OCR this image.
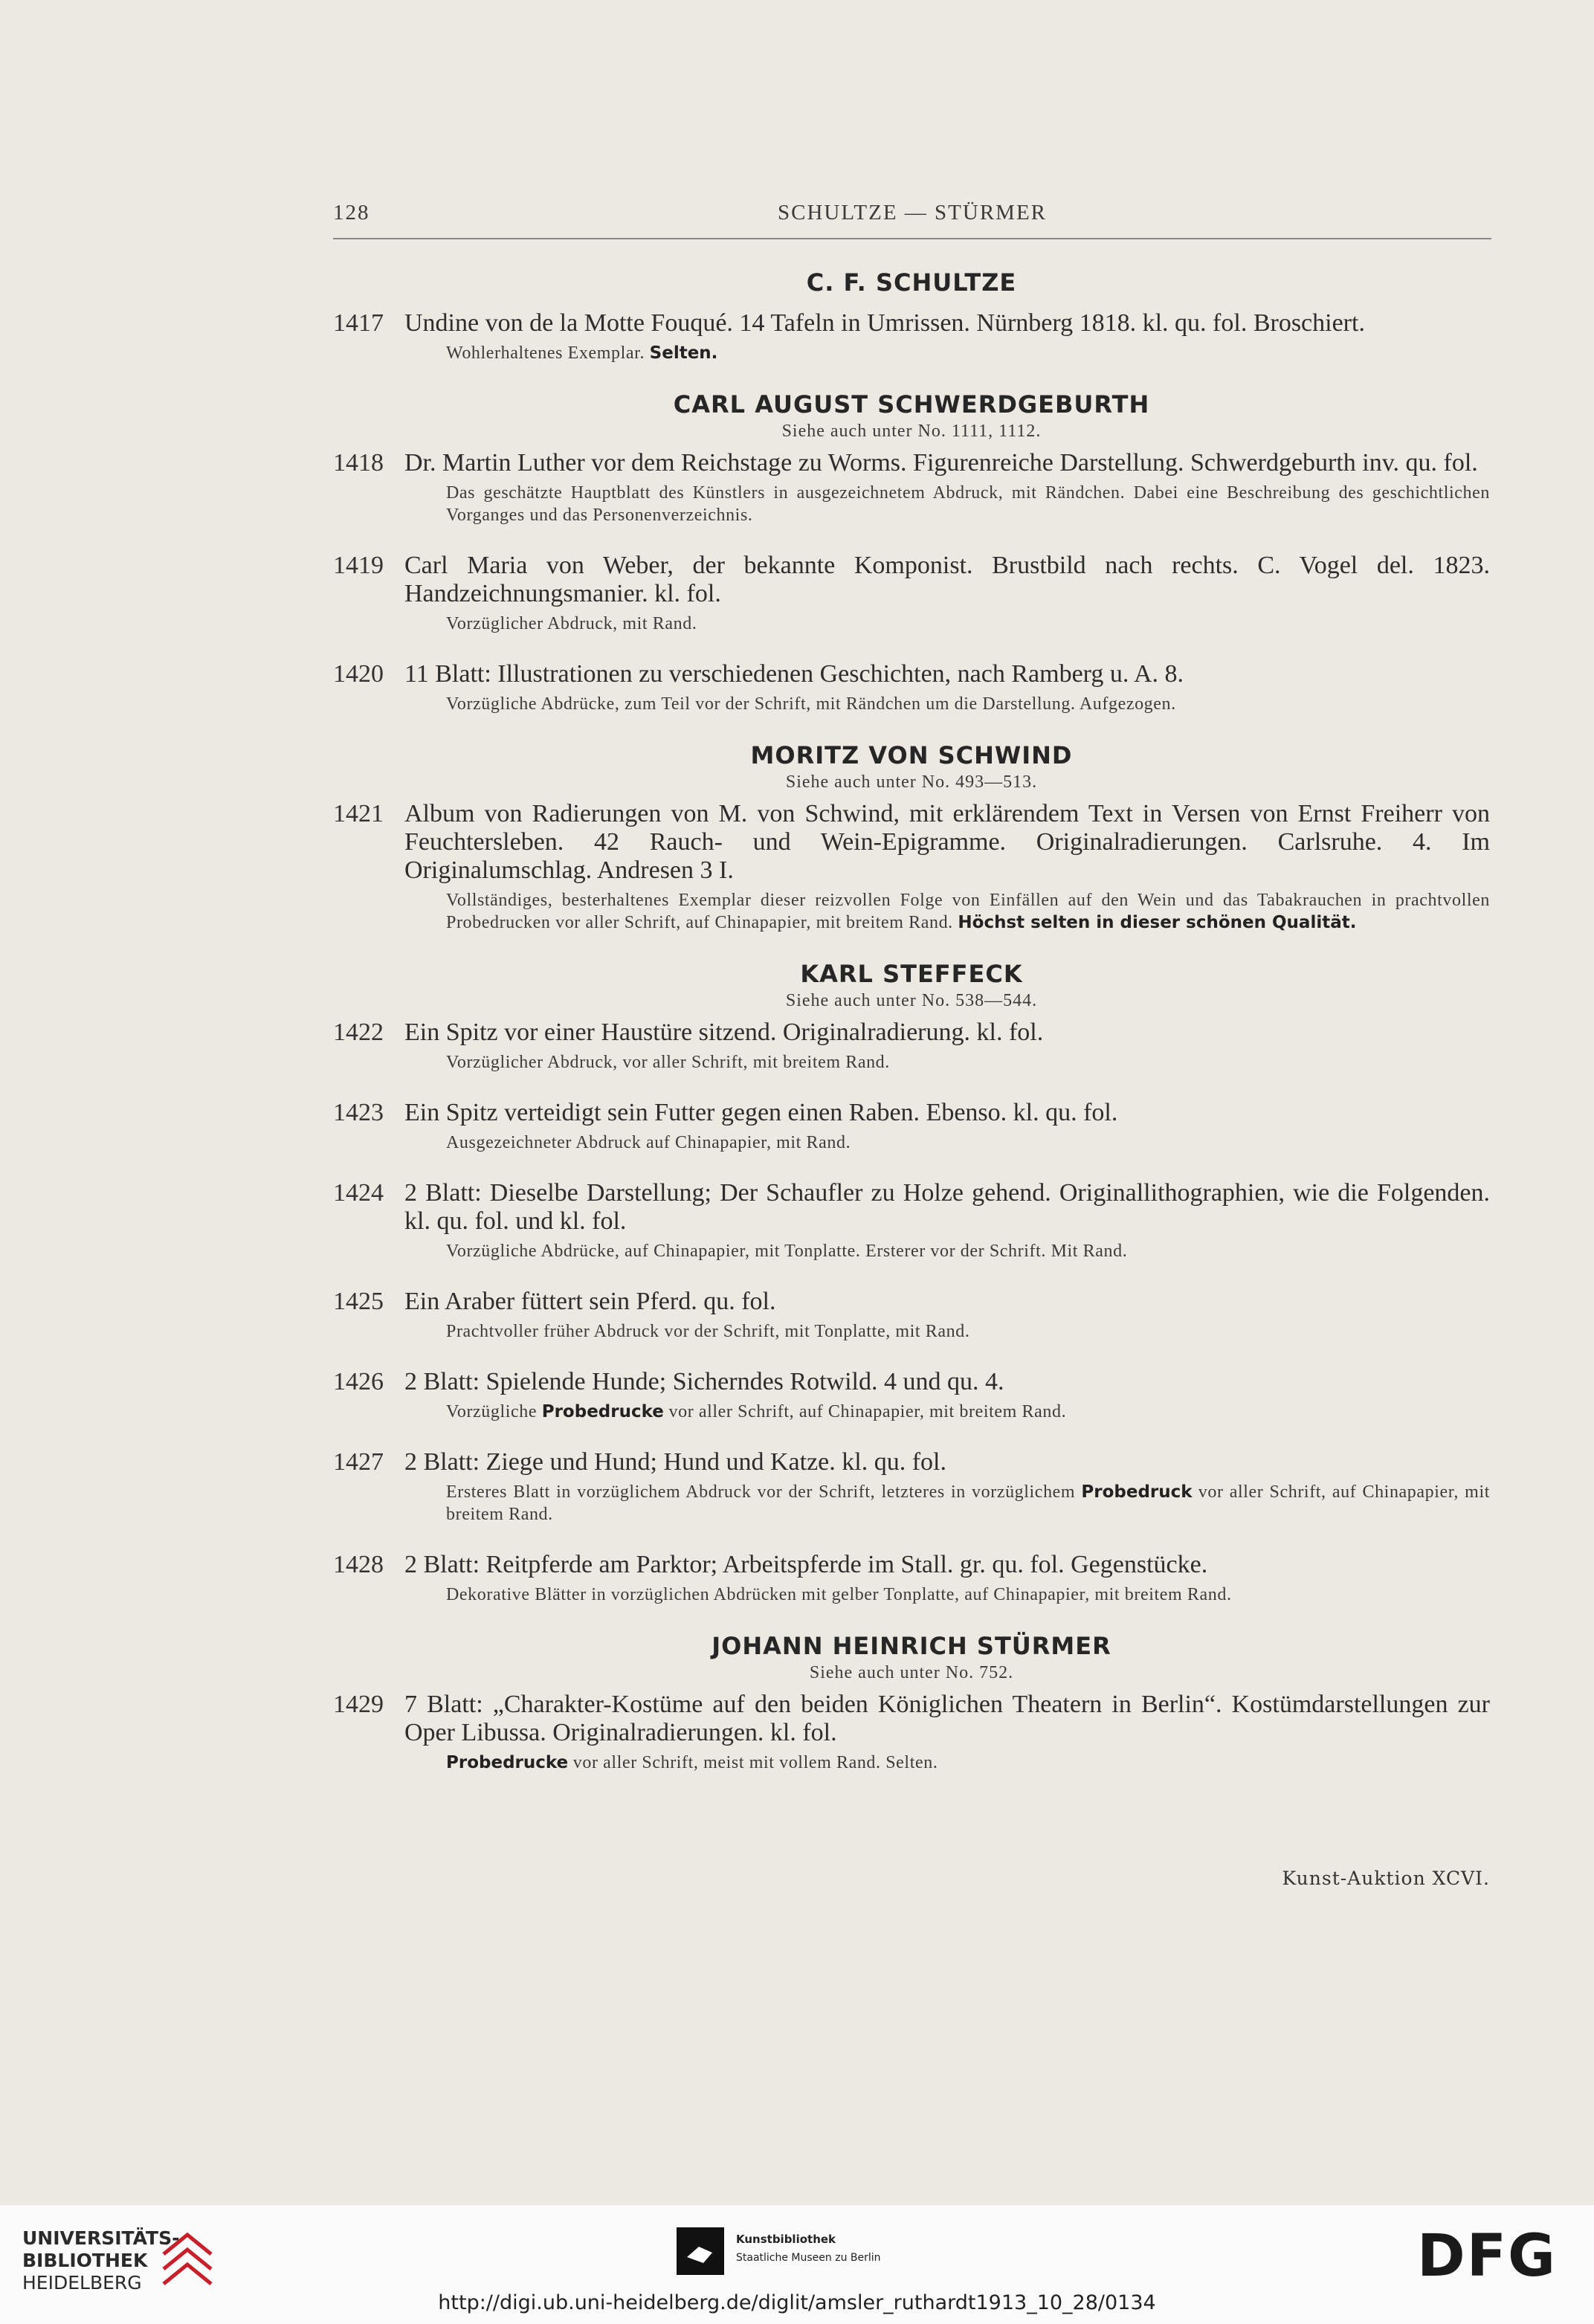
128	SCHULTZE — STÜRMER
C. F. SCHULTZE
1417 Undine von de la Motte Fouqué. 14 Tafeln in Umrissen. Nürnberg 1818. kl. qu. fol. Broschiert.
Wohlerhaltenes Exemplar. Selten.
CARL AUGUST SCHWERDGEBURTH
Siehe auch unter No. 1111, 1112.
1418 Dr. Martin Luther vor dem Reichstage zu Worms. Figurenreiche Darstellung. Schwerdgeburth inv. qu. fol.
Das geschätzte Hauptblatt des Künstlers in ausgezeichnetem Abdruck, mit Rändchen. Dabei eine Beschreibung des geschichtlichen Vorganges und das Personenverzeichnis.
1419 Carl Maria von Weber, der bekannte Komponist. Brustbild nach rechts. C. Vogel del. 1823. Handzeichnungsmanier. kl. fol.
Vorzüglicher Abdruck, mit Rand.
1420 11 Blatt: Illustrationen zu verschiedenen Geschichten, nach Ramberg u. A. 8.
Vorzügliche Abdrücke, zum Teil vor der Schrift, mit Rändchen um die Darstellung. Aufgezogen.
MORITZ VON SCHWIND
Siehe auch unter No. 493—513.
1421 Album von Radierungen von M. von Schwind, mit erklärendem Text in Versen von Ernst Freiherr von Feuchtersleben. 42 Rauch- und Wein-Epigramme. Originalradierungen. Carlsruhe. 4. Im Originalumschlag. Andresen 3 I.
Vollständiges, besterhaltenes Exemplar dieser reizvollen Folge von Einfällen auf den Wein und das Tabakrauchen in prachtvollen Probedrucken vor aller Schrift, auf Chinapapier, mit breitem Rand. Höchst selten in dieser schönen Qualität.
KARL STEFFECK
Siehe auch unter No. 538—544.
1422 Ein Spitz vor einer Haustüre sitzend. Originalradierung. kl. fol.
Vorzüglicher Abdruck, vor aller Schrift, mit breitem Rand.
1423 Ein Spitz verteidigt sein Futter gegen einen Raben. Ebenso. kl. qu. fol.
Ausgezeichneter Abdruck auf Chinapapier, mit Rand.
1424 2 Blatt: Dieselbe Darstellung; Der Schaufler zu Holze gehend. Originallithographien, wie die Folgenden. kl. qu. fol. und kl. fol.
Vorzügliche Abdrücke, auf Chinapapier, mit Tonplatte. Ersterer vor der Schrift. Mit Rand.
1425 Ein Araber füttert sein Pferd. qu. fol.
Prachtvoller früher Abdruck vor der Schrift, mit Tonplatte, mit Rand.
1426 2 Blatt: Spielende Hunde; Sicherndes Rotwild. 4 und qu. 4.
Vorzügliche Probedrucke vor aller Schrift, auf Chinapapier, mit breitem Rand.
1427 2 Blatt: Ziege und Hund; Hund und Katze. kl. qu. fol.
Ersteres Blatt in vorzüglichem Abdruck vor der Schrift, letzteres in vorzüglichem Probedruck vor aller Schrift, auf Chinapapier, mit breitem Rand.
1428 2 Blatt: Reitpferde am Parktor; Arbeitspferde im Stall. gr. qu. fol. Gegenstücke.
Dekorative Blätter in vorzüglichen Abdrücken mit gelber Tonplatte, auf Chinapapier, mit breitem Rand.
JOHANN HEINRICH STÜRMER
Siehe auch unter No. 752.
1429 7 Blatt: „Charakter-Kostüme auf den beiden Königlichen Theatern in Berlin“. Kostümdarstellungen zur Oper Libussa. Originalradierungen. kl. fol.
Probedrucke vor aller Schrift, meist mit vollem Rand. Selten.
Kunst-Auktion XCVI.
UNIVERSITÄTS-
BIBLIOTHEK
HEIDELBERG
Kunstbibliothek
Staatliche Museen zu Berlin	DFG
http://digi.ub.uni-heidelberg.de/diglit/amsler_ruthardt1913_10_28/0134
